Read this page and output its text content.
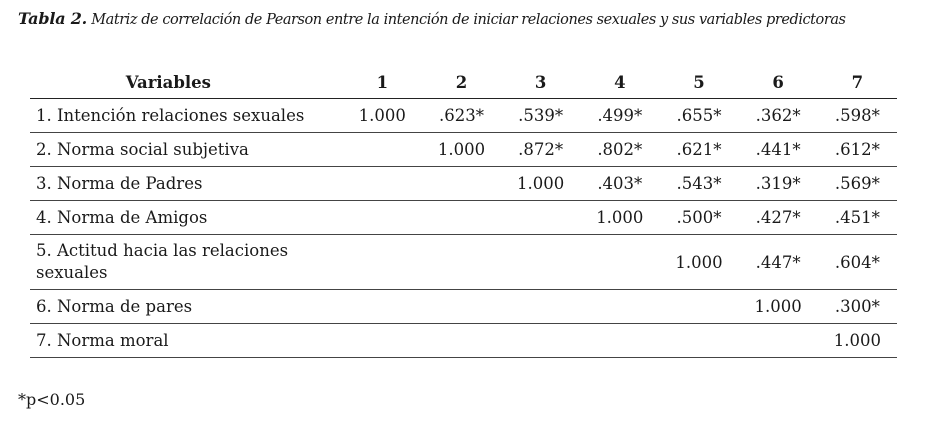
Tabla 2. Matriz de correlación de Pearson entre la intención de iniciar relaciones sexuales y sus variables predictoras
Variables	1	2	3	4	5	6	7
1. Intención relaciones sexuales	1.000	.623*	.539*	.499*	.655*	.362*	.598*
2. Norma social subjetiva		1.000	.872*	.802*	.621*	.441*	.612*
3. Norma de Padres			1.000	.403*	.543*	.319*	.569*
4. Norma de Amigos				1.000	.500*	.427*	.451*
5. Actitud hacia las relaciones sexuales					1.000	.447*	.604*
6. Norma de pares						1.000	.300*
7. Norma moral							1.000
*p<0.05
